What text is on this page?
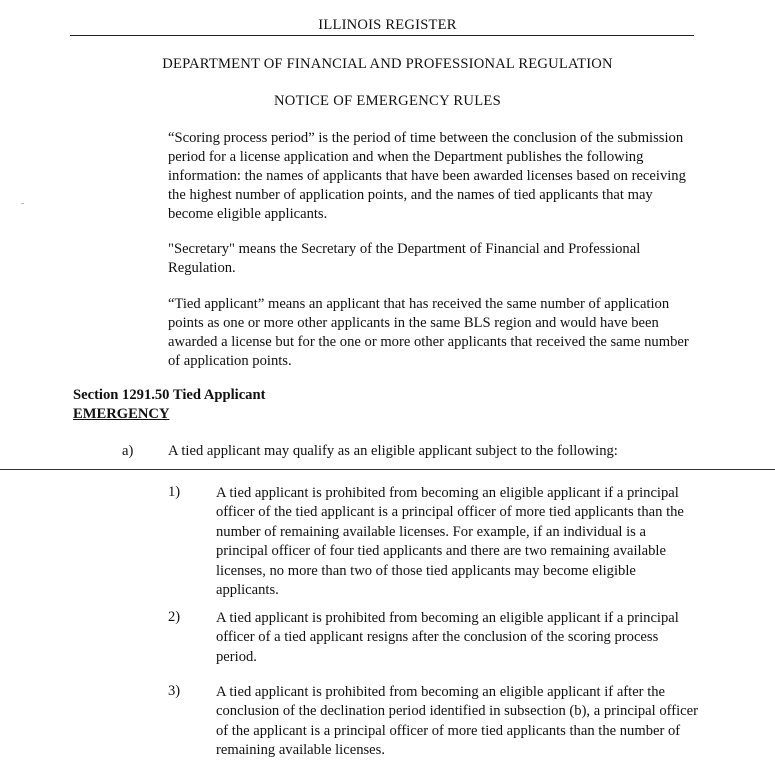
ILLINOIS REGISTER
DEPARTMENT OF FINANCIAL AND PROFESSIONAL REGULATION
NOTICE OF EMERGENCY RULES
“Scoring process period” is the period of time between the conclusion of the submission period for a license application and when the Department publishes the following information: the names of applicants that have been awarded licenses based on receiving the highest number of application points, and the names of tied applicants that may become eligible applicants.
"Secretary" means the Secretary of the Department of Financial and Professional Regulation.
“Tied applicant” means an applicant that has received the same number of application points as one or more other applicants in the same BLS region and would have been awarded a license but for the one or more other applicants that received the same number of application points.
Section 1291.50 Tied Applicant
EMERGENCY
a) A tied applicant may qualify as an eligible applicant subject to the following:
1) A tied applicant is prohibited from becoming an eligible applicant if a principal officer of the tied applicant is a principal officer of more tied applicants than the number of remaining available licenses. For example, if an individual is a principal officer of four tied applicants and there are two remaining available licenses, no more than two of those tied applicants may become eligible applicants.
2) A tied applicant is prohibited from becoming an eligible applicant if a principal officer of a tied applicant resigns after the conclusion of the scoring process period.
3) A tied applicant is prohibited from becoming an eligible applicant if after the conclusion of the declination period identified in subsection (b), a principal officer of the applicant is a principal officer of more tied applicants than the number of remaining available licenses.
